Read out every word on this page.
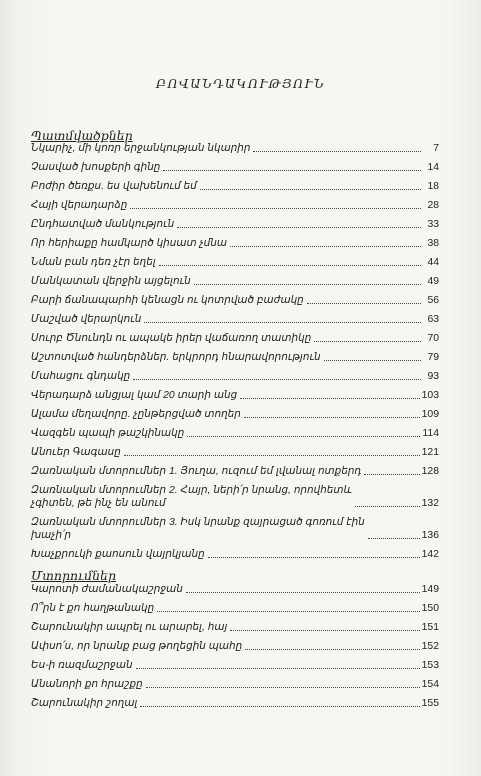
ԲՈՎԱՆԴԱԿՈՒԹՅՈՒՆ
Պատմվածքներ
Նկարիչ, մի կոռր երջանկության նկարիր	7
Չասված խոսքերի գինը	14
Բոժիր ծեռքս. ես վախենում եմ	18
Հայի վերադարձը	28
Ընդհատված մանկություն	33
Որ հերիաքը համկարծ կիսատ չմնա	38
Նման բան դեռ չէր եղել	44
Մանկատան վերջին այցելուն	49
Բարի ճանապարհի կենացն ու կոտրված բաժակը	56
Մաշված վերարկուն	63
Սուրբ Ծնունդն ու ապակե իրեր վաճառող տատիկը	70
Աշտոտված հանդերձներ. երկրորդ հնարավորություն	79
Մահացու գնդակը	93
Վերադարձ անցյալ կամ 20 տարի անց	103
Ալամա մեղավորը. չընթերցված տողեր	109
Վազգեն պապի թաշկինակը	114
Անուեր Գագասը	121
Զառնական մտորումներ 1. Յուղա, ուզում եմ լվանալ ոտքերդ	128
Զառնական մտորումներ 2. Հայր, ների՛ր նրանց, որովհետև
չգիտեն, թե ինչ են անում	132
Զառնական մտորումներ 3. Իսկ նրանք զայրացած գոռում էին
խաչի՛ր	136
Խաչքրուկի քաոսուն վայրկյանը	142
Մտորումներ
Կարոտի ժամանակաշրջան	149
Ո՞րն է քո հաղթանակը	150
Շարունակիր ապրել ու արարել, հայ	151
Ափսո՛ս, որ նրանք բաց թողեցին պահը	152
Ես-ի ռազմաշրջան	153
Անանորի քո հրաշքը	154
Շարունակիր շողալ	155
